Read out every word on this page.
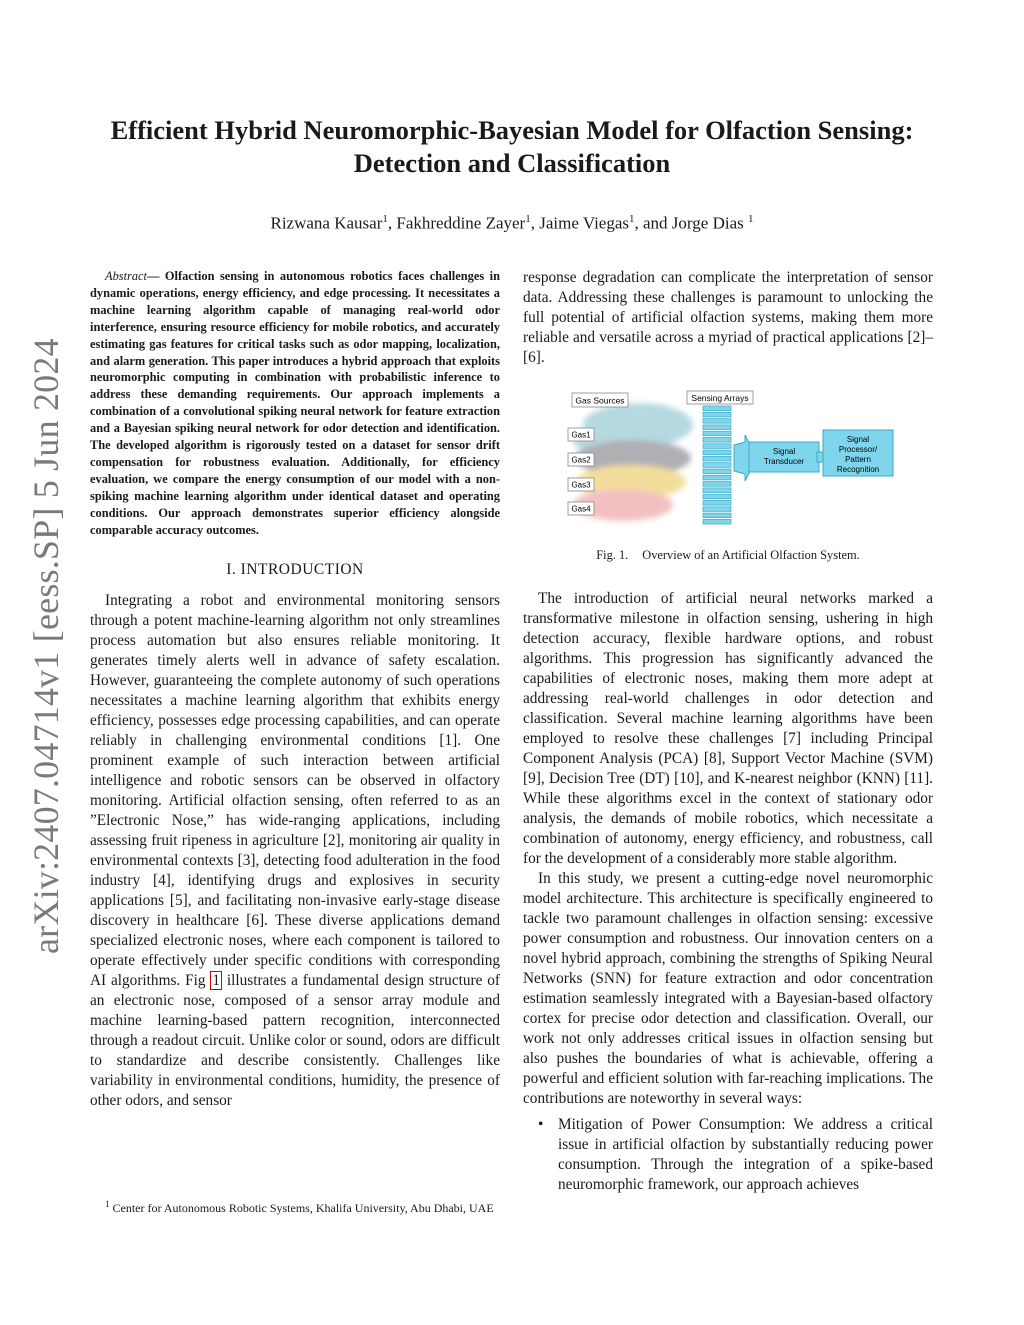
arXiv:2407.04714v1 [eess.SP] 5 Jun 2024
Efficient Hybrid Neuromorphic-Bayesian Model for Olfaction Sensing:
Detection and Classification
Rizwana Kausar$^1$, Fakhreddine Zayer$^1$, Jaime Viegas$^1$, and Jorge Dias $^1$

Abstract— Olfaction sensing in autonomous robotics faces challenges in dynamic operations, energy efficiency, and edge processing. It necessitates a machine learning algorithm capable of managing real-world odor interference, ensuring resource efficiency for mobile robotics, and accurately estimating gas features for critical tasks such as odor mapping, localization, and alarm generation. This paper introduces a hybrid approach that exploits neuromorphic computing in combination with probabilistic inference to address these demanding requirements. Our approach implements a combination of a convolutional spiking neural network for feature extraction and a Bayesian spiking neural network for odor detection and identification. The developed algorithm is rigorously tested on a dataset for sensor drift compensation for robustness evaluation. Additionally, for efficiency evaluation, we compare the energy consumption of our model with a non-spiking machine learning algorithm under identical dataset and operating conditions. Our approach demonstrates superior efficiency alongside comparable accuracy outcomes.

I. INTRODUCTION

Integrating a robot and environmental monitoring sensors through a potent machine-learning algorithm not only streamlines process automation but also ensures reliable monitoring. It generates timely alerts well in advance of safety escalation. However, guaranteeing the complete autonomy of such operations necessitates a machine learning algorithm that exhibits energy efficiency, possesses edge processing capabilities, and can operate reliably in challenging environmental conditions [1]. One prominent example of such interaction between artificial intelligence and robotic sensors can be observed in olfactory monitoring. Artificial olfaction sensing, often referred to as an ”Electronic Nose,” has wide-ranging applications, including assessing fruit ripeness in agriculture [2], monitoring air quality in environmental contexts [3], detecting food adulteration in the food industry [4], identifying drugs and explosives in security applications [5], and facilitating non-invasive early-stage disease discovery in healthcare [6]. These diverse applications demand specialized electronic noses, where each component is tailored to operate effectively under specific conditions with corresponding AI algorithms. Fig 1 illustrates a fundamental design structure of an electronic nose, composed of a sensor array module and machine learning-based pattern recognition, interconnected through a readout circuit. Unlike color or sound, odors are difficult to standardize and describe consistently. Challenges like variability in environmental conditions, humidity, the presence of other odors, and sensor

$^1$ Center for Autonomous Robotic Systems, Khalifa University, Abu Dhabi, UAE

response degradation can complicate the interpretation of sensor data. Addressing these challenges is paramount to unlocking the full potential of artificial olfaction systems, making them more reliable and versatile across a myriad of practical applications [2]–[6].

Gas Sources
Gas1
Gas2
Gas3
Gas4
Sensing Arrays
Signal
Transducer
Signal
Processor/
Pattern
Recognition
Fig. 1. Overview of an Artificial Olfaction System.

The introduction of artificial neural networks marked a transformative milestone in olfaction sensing, ushering in high detection accuracy, flexible hardware options, and robust algorithms. This progression has significantly advanced the capabilities of electronic noses, making them more adept at addressing real-world challenges in odor detection and classification. Several machine learning algorithms have been employed to resolve these challenges [7] including Principal Component Analysis (PCA) [8], Support Vector Machine (SVM) [9], Decision Tree (DT) [10], and K-nearest neighbor (KNN) [11]. While these algorithms excel in the context of stationary odor analysis, the demands of mobile robotics, which necessitate a combination of autonomy, energy efficiency, and robustness, call for the development of a considerably more stable algorithm.

In this study, we present a cutting-edge novel neuromorphic model architecture. This architecture is specifically engineered to tackle two paramount challenges in olfaction sensing: excessive power consumption and robustness. Our innovation centers on a novel hybrid approach, combining the strengths of Spiking Neural Networks (SNN) for feature extraction and odor concentration estimation seamlessly integrated with a Bayesian-based olfactory cortex for precise odor detection and classification. Overall, our work not only addresses critical issues in olfaction sensing but also pushes the boundaries of what is achievable, offering a powerful and efficient solution with far-reaching implications. The contributions are noteworthy in several ways:

• Mitigation of Power Consumption: We address a critical issue in artificial olfaction by substantially reducing power consumption. Through the integration of a spike-based neuromorphic framework, our approach achieves
